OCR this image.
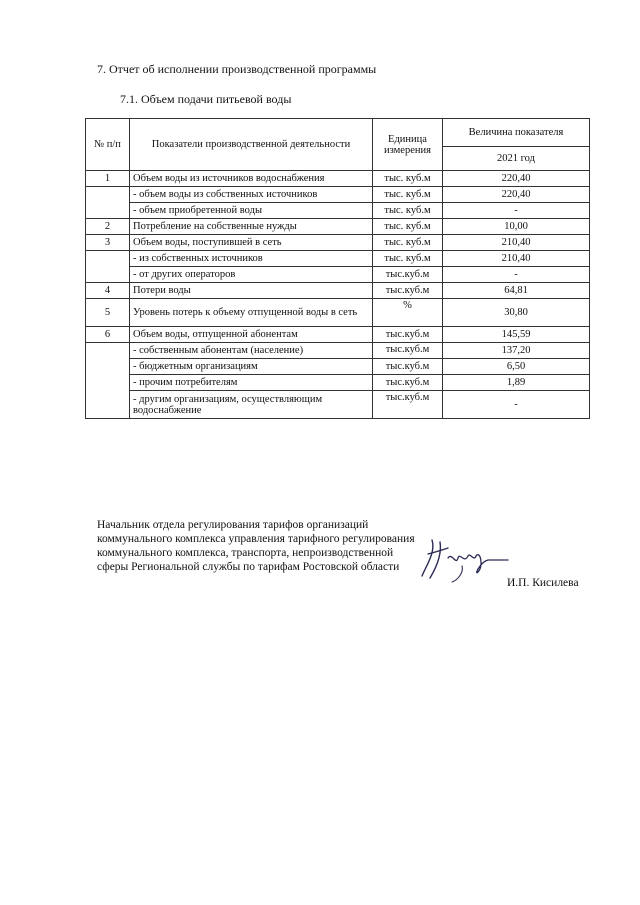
7. Отчет об исполнении производственной программы
7.1. Объем подачи питьевой воды
№ п/п	Показатели производственной деятельности	Единица измерения	Величина показателя
			2021 год
1	Объем воды из источников водоснабжения	тыс. куб.м	220,40
	- объем воды из собственных источников	тыс. куб.м	220,40
	- объем приобретенной воды	тыс. куб.м	-
2	Потребление на собственные нужды	тыс. куб.м	10,00
3	Объем воды, поступившей в сеть	тыс. куб.м	210,40
	- из собственных источников	тыс. куб.м	210,40
	- от других операторов	тыс.куб.м	-
4	Потери воды	тыс.куб.м	64,81
5	Уровень потерь к объему отпущенной воды в сеть	%	30,80
6	Объем воды, отпущенной абонентам	тыс.куб.м	145,59
	- собственным абонентам (население)	тыс.куб.м	137,20
	- бюджетным организациям	тыс.куб.м	6,50
	- прочим потребителям	тыс.куб.м	1,89
	- другим организациям, осуществляющим водоснабжение	тыс.куб.м	-
Начальник отдела регулирования тарифов организаций коммунального комплекса управления тарифного регулирования коммунального комплекса, транспорта, непроизводственной сферы Региональной службы по тарифам Ростовской области
И.П. Кисилева
